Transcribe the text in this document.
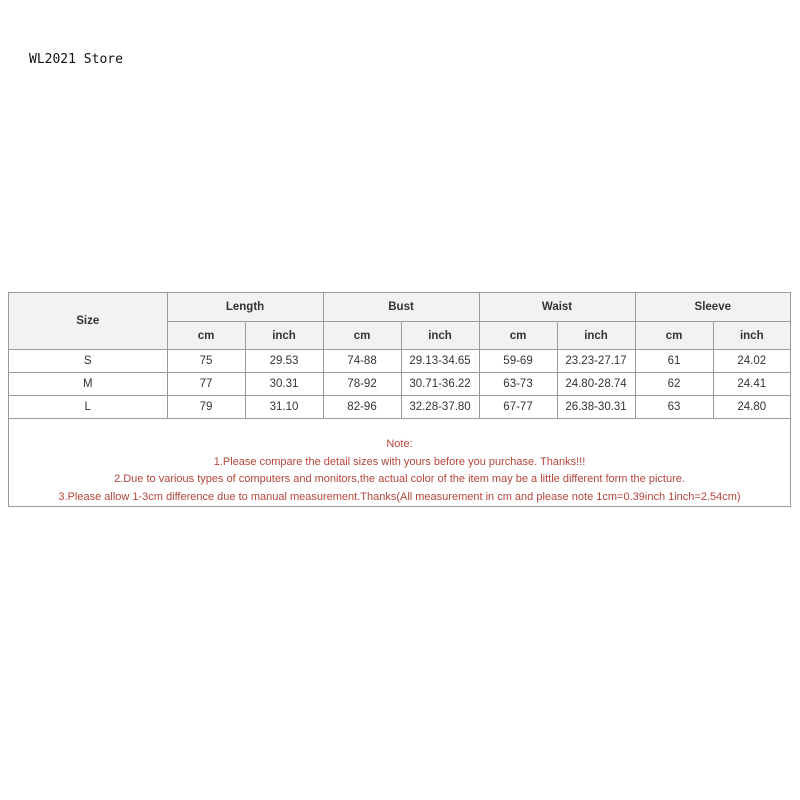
WL2021 Store
Size	Length		Bust		Waist		Sleeve	
	cm	inch	cm	inch	cm	inch	cm	inch
S	75	29.53	74-88	29.13-34.65	59-69	23.23-27.17	61	24.02
M	77	30.31	78-92	30.71-36.22	63-73	24.80-28.74	62	24.41
L	79	31.10	82-96	32.28-37.80	67-77	26.38-30.31	63	24.80
Note:
1.Please compare the detail sizes with yours before you purchase. Thanks!!!
2.Due to various types of computers and monitors,the actual color of the item may be a little different form the picture.
3.Please allow 1-3cm difference due to manual measurement.Thanks(All measurement in cm and please note 1cm=0.39inch 1inch=2.54cm)
